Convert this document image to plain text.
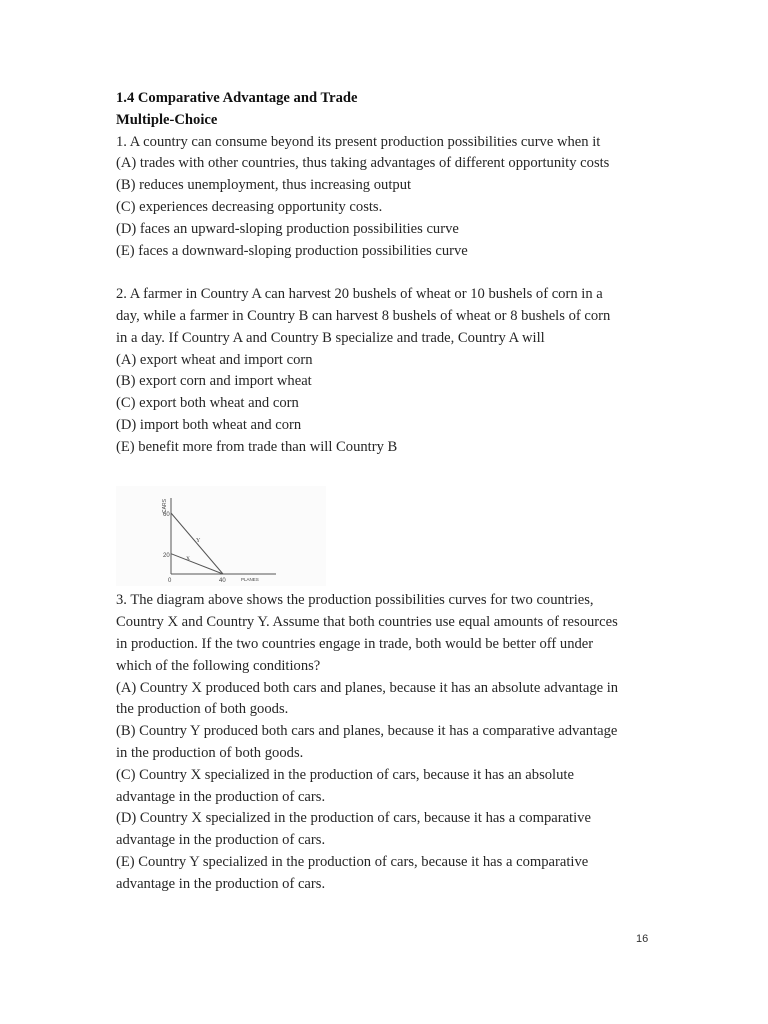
1.4 Comparative Advantage and Trade
Multiple-Choice
1. A country can consume beyond its present production possibilities curve when it
(A) trades with other countries, thus taking advantages of different opportunity costs
(B) reduces unemployment, thus increasing output
(C) experiences decreasing opportunity costs.
(D) faces an upward-sloping production possibilities curve
(E) faces a downward-sloping production possibilities curve
2. A farmer in Country A can harvest 20 bushels of wheat or 10 bushels of corn in a
day, while a farmer in Country B can harvest 8 bushels of wheat or 8 bushels of corn
in a day. If Country A and Country B specialize and trade, Country A will
(A) export wheat and import corn
(B) export corn and import wheat
(C) export both wheat and corn
(D) import both wheat and corn
(E) benefit more from trade than will Country B
CARS
60
20
0	40	PLANES
Y
X
3. The diagram above shows the production possibilities curves for two countries,
Country X and Country Y. Assume that both countries use equal amounts of resources
in production. If the two countries engage in trade, both would be better off under
which of the following conditions?
(A) Country X produced both cars and planes, because it has an absolute advantage in
the production of both goods.
(B) Country Y produced both cars and planes, because it has a comparative advantage
in the production of both goods.
(C) Country X specialized in the production of cars, because it has an absolute
advantage in the production of cars.
(D) Country X specialized in the production of cars, because it has a comparative
advantage in the production of cars.
(E) Country Y specialized in the production of cars, because it has a comparative
advantage in the production of cars.
16
